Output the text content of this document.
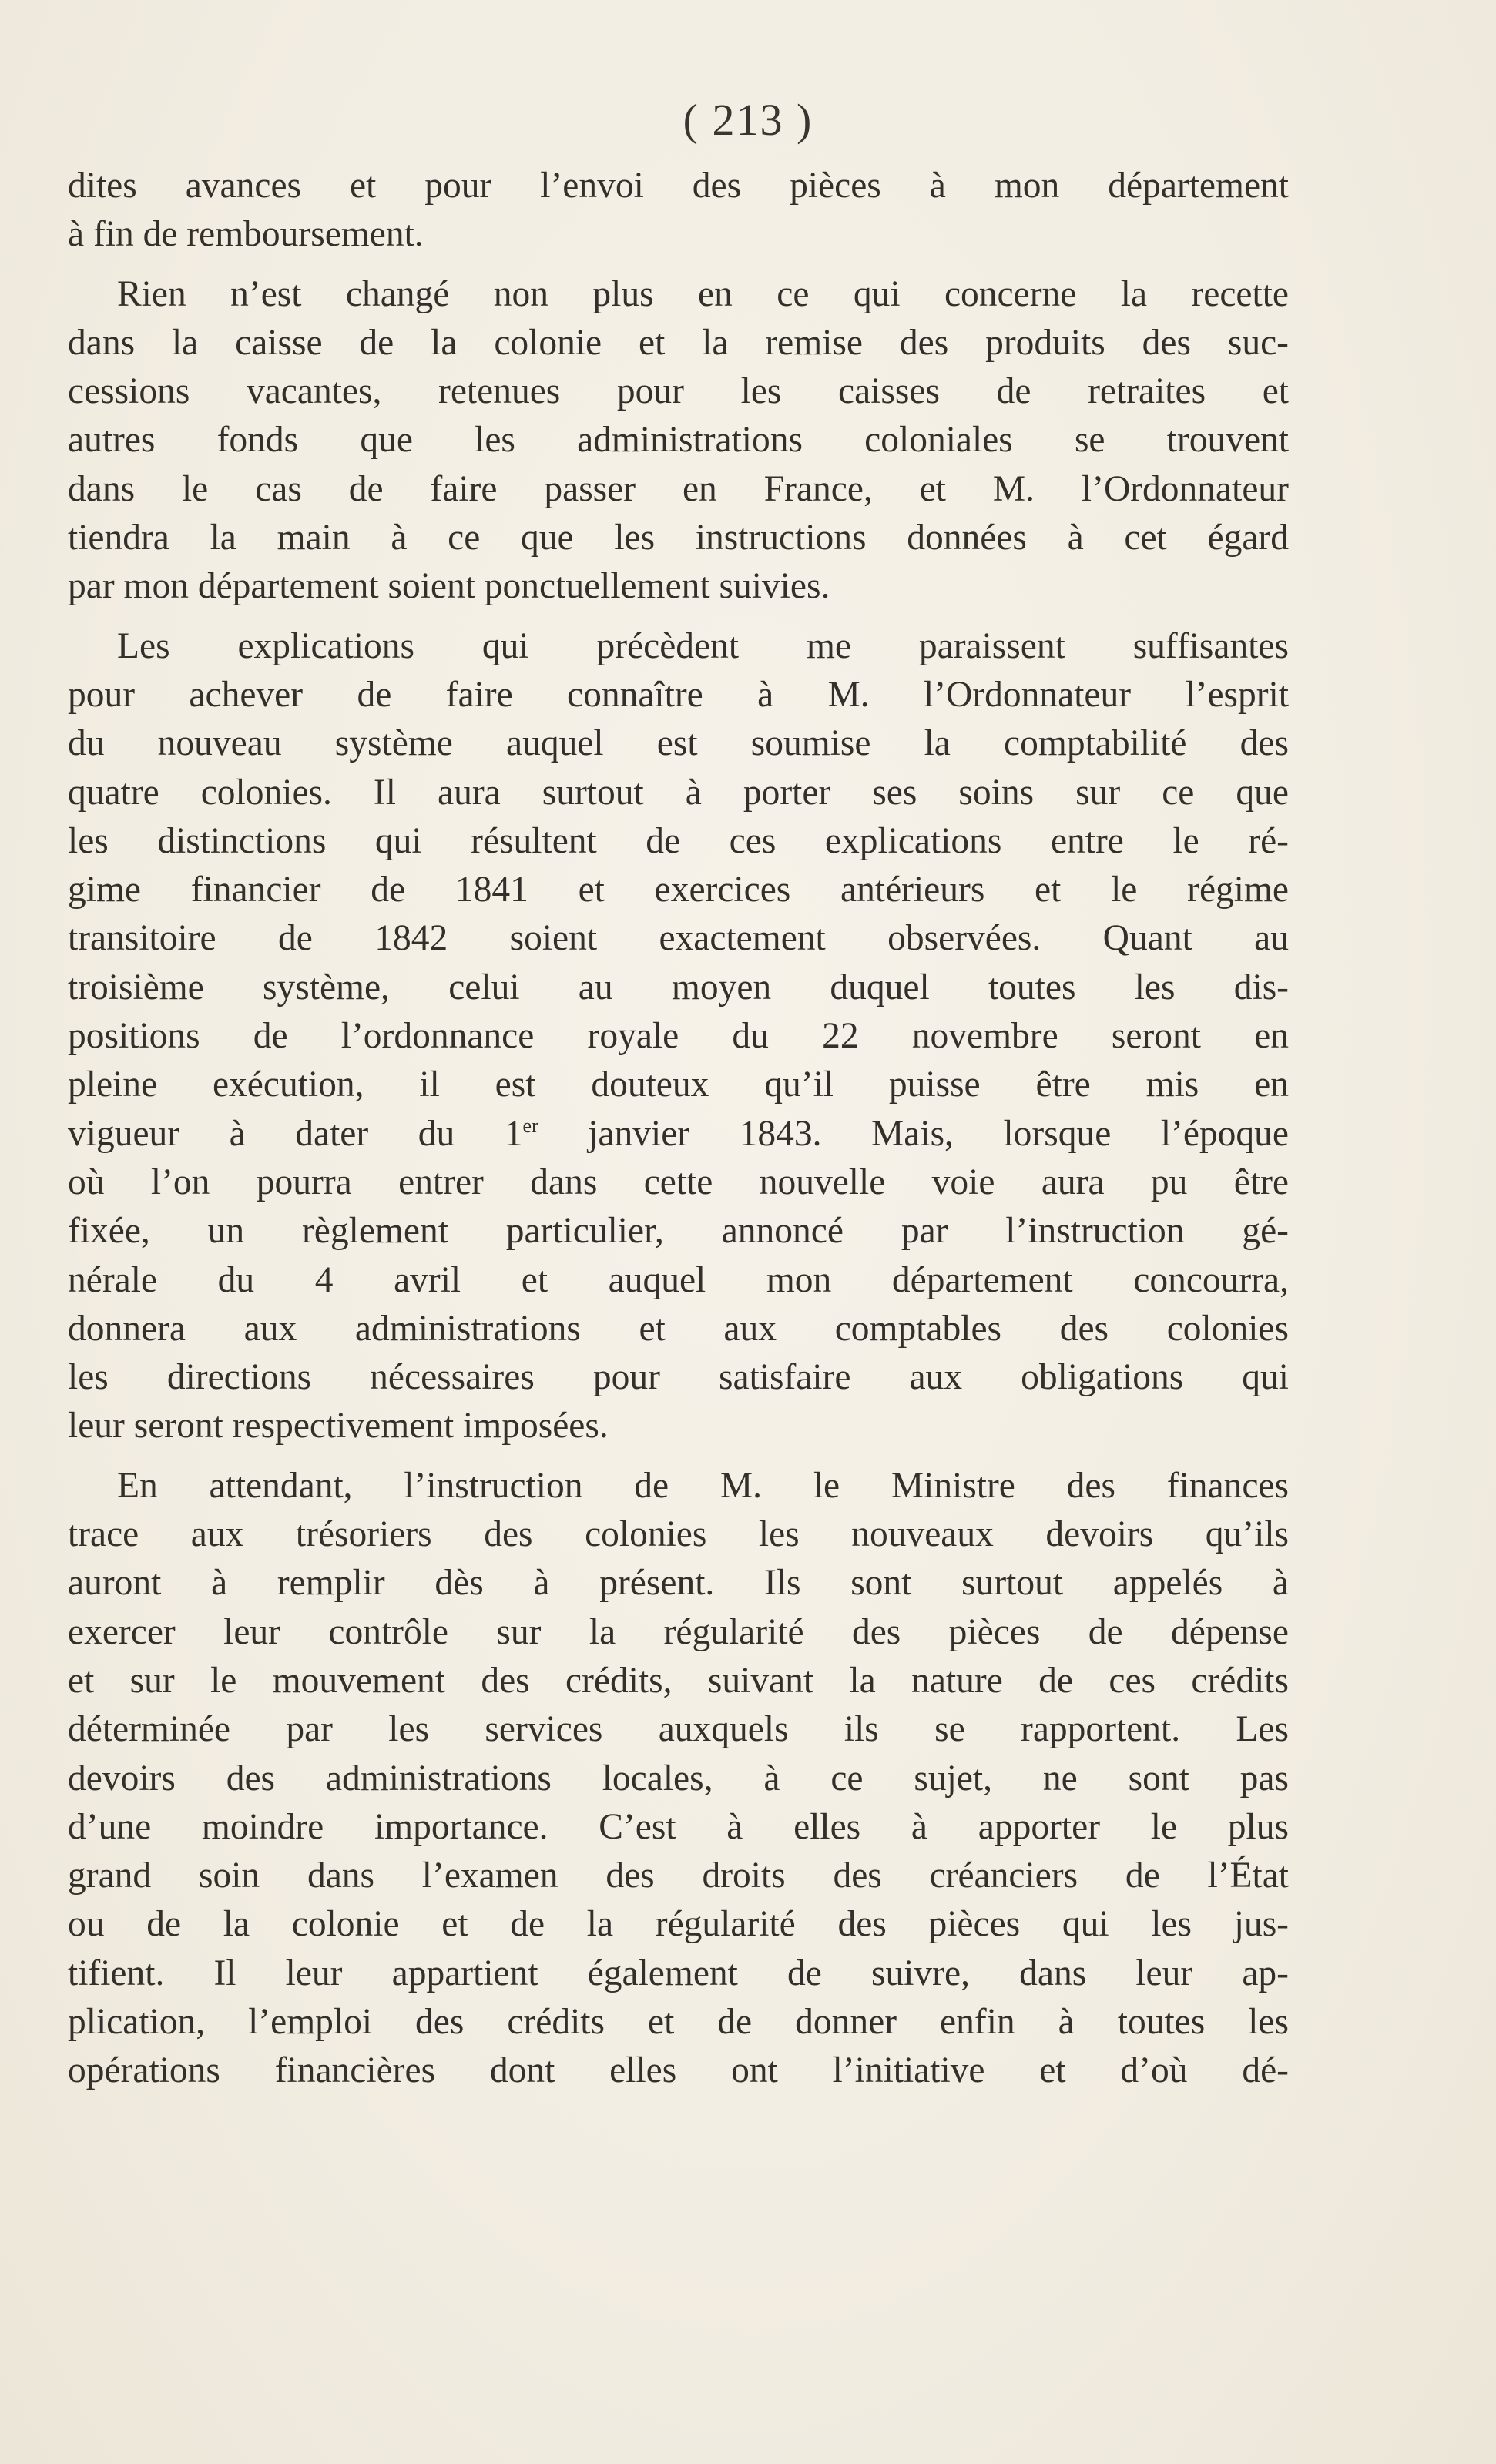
( 213 )
dites avances et pour l’envoi des pièces à mon département
à fin de remboursement.
Rien n’est changé non plus en ce qui concerne la recette
dans la caisse de la colonie et la remise des produits des suc-
cessions vacantes, retenues pour les caisses de retraites et
autres fonds que les administrations coloniales se trouvent
dans le cas de faire passer en France, et M. l’Ordonnateur
tiendra la main à ce que les instructions données à cet égard
par mon département soient ponctuellement suivies.
Les explications qui précèdent me paraissent suffisantes
pour achever de faire connaître à M. l’Ordonnateur l’esprit
du nouveau système auquel est soumise la comptabilité des
quatre colonies. Il aura surtout à porter ses soins sur ce que
les distinctions qui résultent de ces explications entre le ré-
gime financier de 1841 et exercices antérieurs et le régime
transitoire de 1842 soient exactement observées. Quant au
troisième système, celui au moyen duquel toutes les dis-
positions de l’ordonnance royale du 22 novembre seront en
pleine exécution, il est douteux qu’il puisse être mis en
vigueur à dater du 1er janvier 1843. Mais, lorsque l’époque
où l’on pourra entrer dans cette nouvelle voie aura pu être
fixée, un règlement particulier, annoncé par l’instruction gé-
nérale du 4 avril et auquel mon département concourra,
donnera aux administrations et aux comptables des colonies
les directions nécessaires pour satisfaire aux obligations qui
leur seront respectivement imposées.
En attendant, l’instruction de M. le Ministre des finances
trace aux trésoriers des colonies les nouveaux devoirs qu’ils
auront à remplir dès à présent. Ils sont surtout appelés à
exercer leur contrôle sur la régularité des pièces de dépense
et sur le mouvement des crédits, suivant la nature de ces crédits
déterminée par les services auxquels ils se rapportent. Les
devoirs des administrations locales, à ce sujet, ne sont pas
d’une moindre importance. C’est à elles à apporter le plus
grand soin dans l’examen des droits des créanciers de l’État
ou de la colonie et de la régularité des pièces qui les jus-
tifient. Il leur appartient également de suivre, dans leur ap-
plication, l’emploi des crédits et de donner enfin à toutes les
opérations financières dont elles ont l’initiative et d’où dé-
